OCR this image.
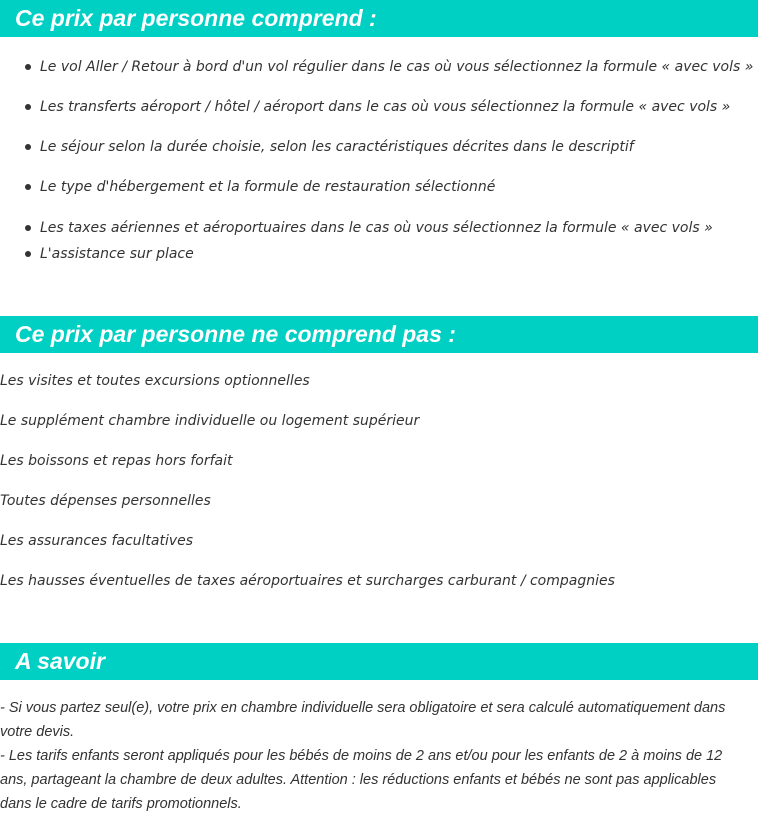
Ce prix par personne comprend :
Le vol Aller / Retour à bord d'un vol régulier dans le cas où vous sélectionnez la formule « avec vols »
Les transferts aéroport / hôtel / aéroport dans le cas où vous sélectionnez la formule « avec vols »
Le séjour selon la durée choisie, selon les caractéristiques décrites dans le descriptif
Le type d'hébergement et la formule de restauration sélectionné
Les taxes aériennes et aéroportuaires dans le cas où vous sélectionnez la formule « avec vols »
L'assistance sur place
Ce prix par personne ne comprend pas :

Les visites et toutes excursions optionnelles

Le supplément chambre individuelle ou logement supérieur

Les boissons et repas hors forfait

Toutes dépenses personnelles

Les assurances facultatives

Les hausses éventuelles de taxes aéroportuaires et surcharges carburant / compagnies

A savoir

- Si vous partez seul(e), votre prix en chambre individuelle sera obligatoire et sera calculé automatiquement dans votre devis.

- Les tarifs enfants seront appliqués pour les bébés de moins de 2 ans et/ou pour les enfants de 2 à moins de 12 ans, partageant la chambre de deux adultes. Attention : les réductions enfants et bébés ne sont pas applicables dans le cadre de tarifs promotionnels.
